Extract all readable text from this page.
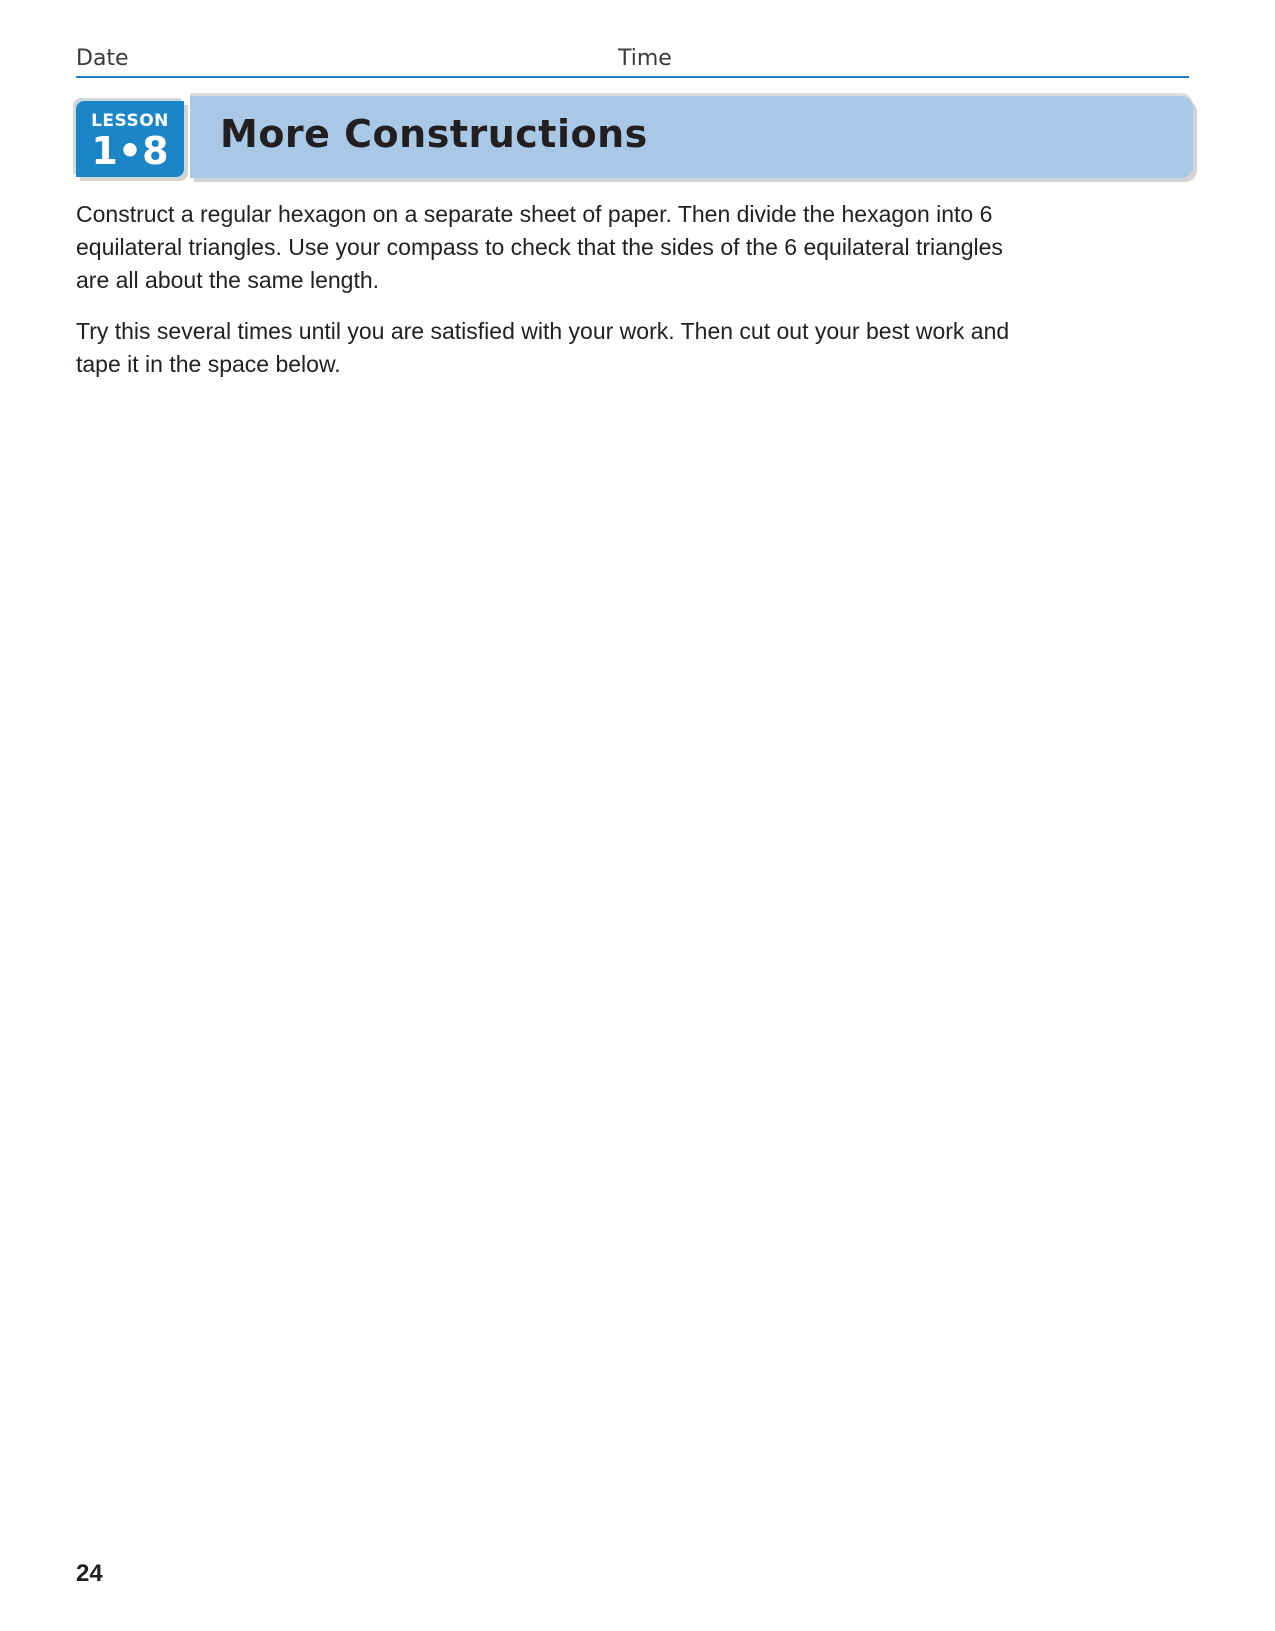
Date	Time
More Constructions
LESSON
1•8

Construct a regular hexagon on a separate sheet of paper. Then divide the hexagon into 6 equilateral triangles. Use your compass to check that the sides of the 6 equilateral triangles are all about the same length.

Try this several times until you are satisfied with your work. Then cut out your best work and tape it in the space below.

24
